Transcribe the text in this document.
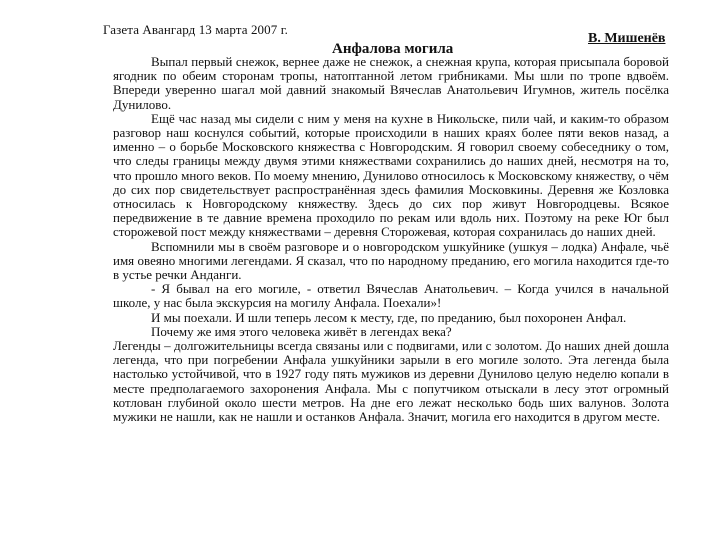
Газета Авангард 13 марта 2007 г.
В. Мишенёв
Анфалова могила

Выпал первый снежок, вернее даже не снежок, а снежная крупа, которая присыпала боровой ягодник по обеим сторонам тропы, натоптанной летом грибниками. Мы шли по тропе вдвоём. Впереди уверенно шагал мой давний знакомый Вячеслав Анатольевич Игумнов, житель посёлка Дунилово.

Ещё час назад мы сидели с ним у меня на кухне в Никольске, пили чай, и каким-то образом разговор наш коснулся событий, которые происходили в наших краях более пяти веков назад, а именно – о борьбе Московского княжества с Новгородским. Я говорил своему собеседнику о том, что следы границы между двумя этими княжествами сохранились до наших дней, несмотря на то, что прошло много веков. По моему мнению, Дунилово относилось к Московскому княжеству, о чём до сих пор свидетельствует распространённая здесь фамилия Московкины. Деревня же Козловка относилась к Новгородскому княжеству. Здесь до сих пор живут Новгородцевы. Всякое передвижение в те давние времена проходило по рекам или вдоль них. Поэтому на реке Юг был сторожевой пост между княжествами – деревня Сторожевая, которая сохранилась до наших дней.

Вспомнили мы в своём разговоре и о новгородском ушкуйнике (ушкуя – лодка) Анфале, чьё имя овеяно многими легендами. Я сказал, что по народному преданию, его могила находится где-то в устье речки Анданги.

- Я бывал на его могиле, - ответил Вячеслав Анатольевич. – Когда учился в начальной школе, у нас была экскурсия на могилу Анфала. Поехали»!

И мы поехали. И шли теперь лесом к месту, где, по преданию, был похоронен Анфал.

Почему же имя этого человека живёт в легендах века?

Легенды – долгожительницы всегда связаны или с подвигами, или с золотом. До наших дней дошла легенда, что при погребении Анфала ушкуйники зарыли в его могиле золото. Эта легенда была настолько устойчивой, что в 1927 году пять мужиков из деревни Дунилово целую неделю копали в месте предполагаемого захоронения Анфала. Мы с попутчиком отыскали в лесу этот огромный котлован глубиной около шести метров. На дне его лежат несколько бодь ших валунов. Золота мужики не нашли, как не нашли и останков Анфала. Значит, могила его находится в другом месте.
